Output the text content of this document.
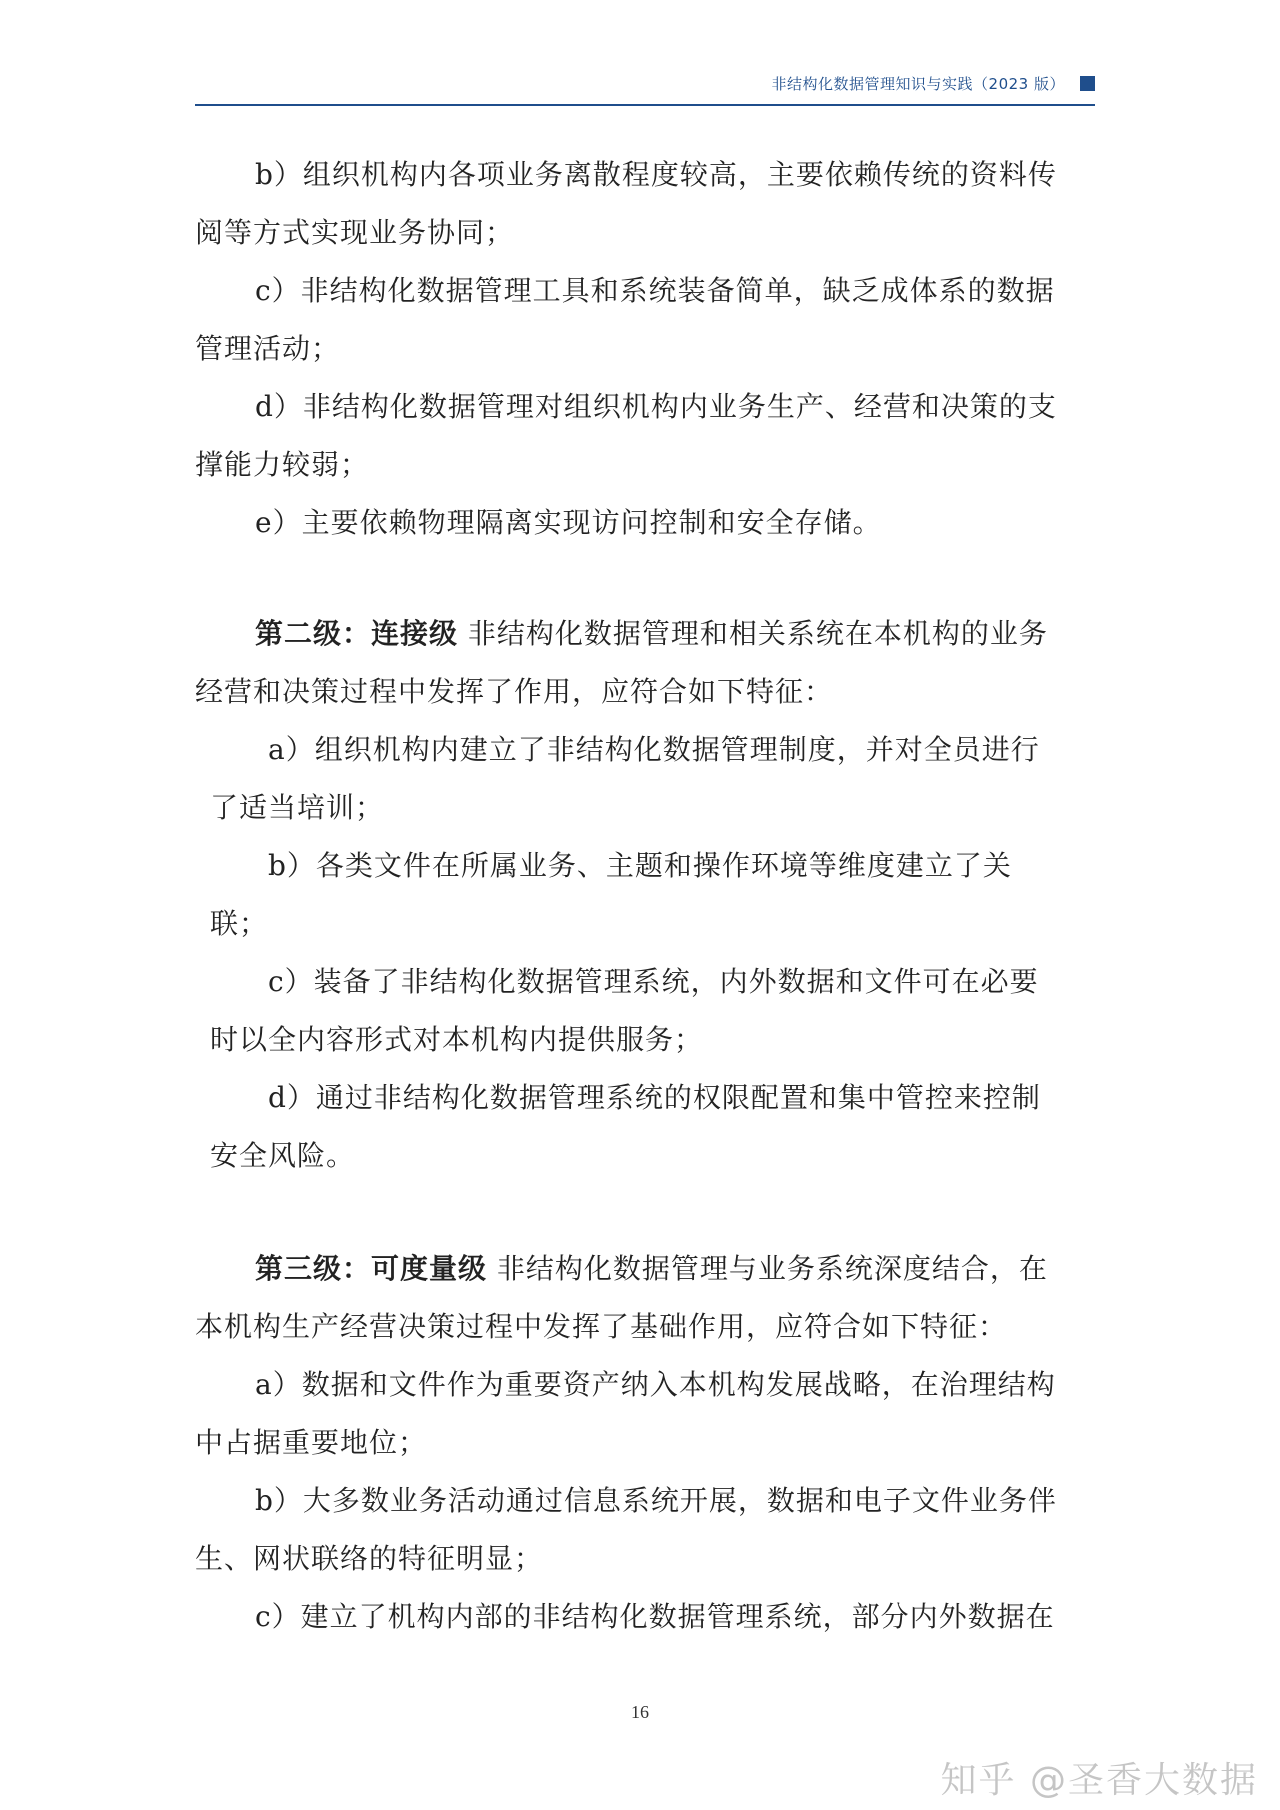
非结构化数据管理知识与实践（2023 版）
b）组织机构内各项业务离散程度较高，主要依赖传统的资料传
阅等方式实现业务协同；
c）非结构化数据管理工具和系统装备简单，缺乏成体系的数据
管理活动；
d）非结构化数据管理对组织机构内业务生产、经营和决策的支
撑能力较弱；
e）主要依赖物理隔离实现访问控制和安全存储。
第二级：连接级 非结构化数据管理和相关系统在本机构的业务
经营和决策过程中发挥了作用，应符合如下特征：
a）组织机构内建立了非结构化数据管理制度，并对全员进行
了适当培训；
b）各类文件在所属业务、主题和操作环境等维度建立了关
联；
c）装备了非结构化数据管理系统，内外数据和文件可在必要
时以全内容形式对本机构内提供服务；
d）通过非结构化数据管理系统的权限配置和集中管控来控制
安全风险。
第三级：可度量级 非结构化数据管理与业务系统深度结合，在
本机构生产经营决策过程中发挥了基础作用，应符合如下特征：
a）数据和文件作为重要资产纳入本机构发展战略，在治理结构
中占据重要地位；
b）大多数业务活动通过信息系统开展，数据和电子文件业务伴
生、网状联络的特征明显；
c）建立了机构内部的非结构化数据管理系统，部分内外数据在
16
知乎 @圣香大数据
